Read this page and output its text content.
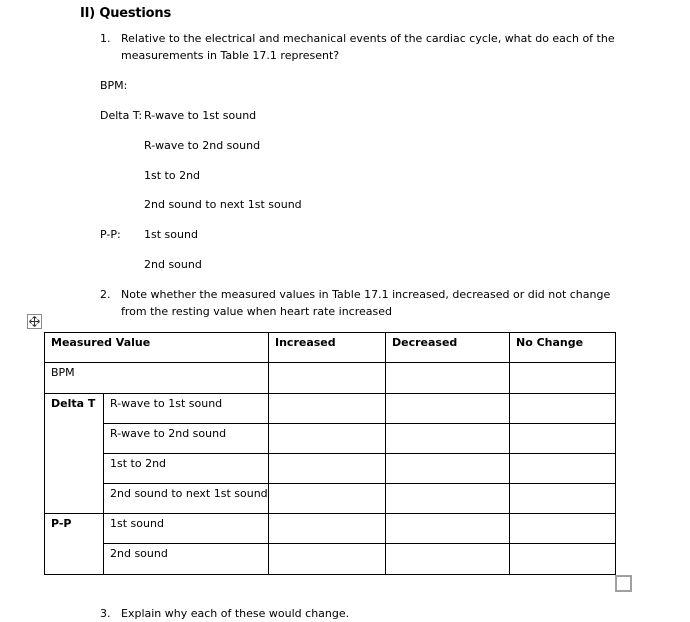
II) Questions
1. Relative to the electrical and mechanical events of the cardiac cycle, what do each of the
measurements in Table 17.1 represent?
BPM:
Delta T: R-wave to 1st sound
R-wave to 2nd sound
1st to 2nd
2nd sound to next 1st sound
P-P: 1st sound
2nd sound
2. Note whether the measured values in Table 17.1 increased, decreased or did not change
from the resting value when heart rate increased
Measured Value		Increased	Decreased	No Change

BPM				

Delta T	R-wave to 1st sound			

	R-wave to 2nd sound			

	1st to 2nd			

	2nd sound to next 1st sound			

P-P	1st sound			

	2nd sound			

3. Explain why each of these would change.
